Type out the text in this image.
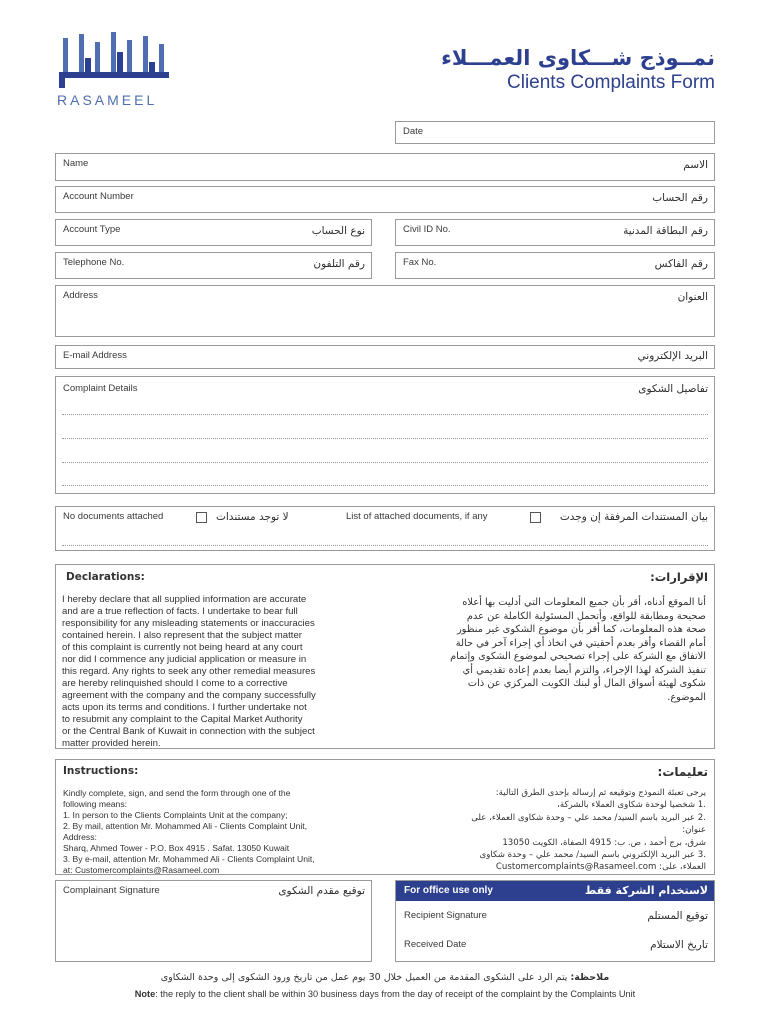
RASAMEEL
نمــوذج شـــكاوى العمـــلاء
Clients Complaints Form
Date
Name	الاسم
Account Number	رقم الحساب
Account Type	نوع الحساب	Civil ID No.	رقم البطاقة المدنية
Telephone No.	رقم التلفون	Fax No.	رقم الفاكس
Address	العنوان
E-mail Address	البريد الإلكتروني
Complaint Details	تفاصيل الشكوى
No documents attached	لا توجد مستندات	List of attached documents, if any	بيان المستندات المرفقة إن وجدت
Declarations:	الإقرارات:
I hereby declare that all supplied information are accurate
and are a true reflection of facts. I undertake to bear full
responsibility for any misleading statements or inaccuracies
contained herein. I also represent that the subject matter
of this complaint is currently not being heard at any court
nor did I commence any judicial application or measure in
this regard. Any rights to seek any other remedial measures
are hereby relinquished should I come to a corrective
agreement with the company and the company successfully
acts upon its terms and conditions. I further undertake not
to resubmit any complaint to the Capital Market Authority
or the Central Bank of Kuwait in connection with the subject
matter provided herein.
أنا الموقع أدناه، أقر بأن جميع المعلومات التي أدليت بها أعلاه
صحيحة ومطابقة للواقع، وأتحمل المسئولية الكاملة عن عدم
صحة هذه المعلومات، كما أقر بأن موضوع الشكوى غير منظور
أمام القضاء وأقر بعدم أحقيتي في اتخاذ أي إجراء آخر في حالة
الاتفاق مع الشركة على إجراء تصحيحي لموضوع الشكوى وإتمام
تنفيذ الشركة لهذا الإجراء، والتزم أيضا بعدم إعادة تقديمي أي
شكوى لهيئة أسواق المال أو لبنك الكويت المركزي عن ذات
الموضوع.
Instructions:	تعليمات:
Kindly complete, sign, and send the form through one of the
following means:
1. In person to the Clients Complaints Unit at the company;
2. By mail, attention Mr. Mohammed Ali - Clients Complaint Unit,
Address:
Sharq, Ahmed Tower - P.O. Box 4915 . Safat. 13050 Kuwait
3. By e-mail, attention Mr. Mohammed Ali - Clients Complaint Unit,
at: Customercomplaints@Rasameel.com
يرجى تعبئة النموذج وتوقيعه ثم إرساله بإحدى الطرق التالية:
.1 شخصيا لوحدة شكاوى العملاء بالشركة،
.2 عبر البريد باسم السيد/ محمد علي – وحدة شكاوى العملاء، على
عنوان:
شرق، برج أحمد ، ص. ب: 4915 الصفاة، الكويت 13050
.3 عبر البريد الإلكتروني باسم السيد/ محمد علي – وحدة شكاوى
العملاء، على: Customercomplaints@Rasameel.com
Complainant Signature	توقيع مقدم الشكوى	For office use only	لاستخدام الشركة فقط
Recipient Signature	توقيع المستلم
Received Date	تاريخ الاستلام
ملاحظة: يتم الرد على الشكوى المقدمة من العميل خلال 30 يوم عمل من تاريخ ورود الشكوى إلى وحدة الشكاوى
Note: the reply to the client shall be within 30 business days from the day of receipt of the complaint by the Complaints Unit
